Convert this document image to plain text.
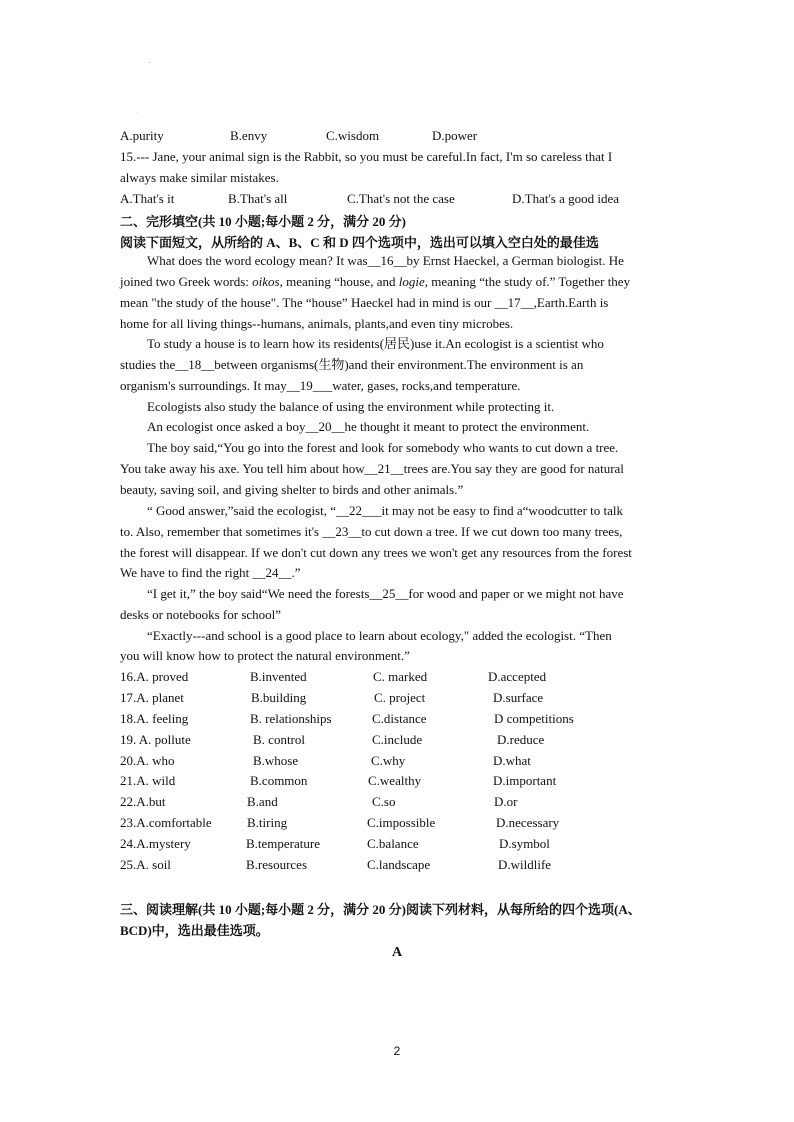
–
·
A.purity	B.envy	C.wisdom	D.power
15.--- Jane, your animal sign is the Rabbit, so you must be careful.In fact, I'm so careless that I
always make similar mistakes.
A.That's it	B.That's all	C.That's not the case	D.That's a good idea
二、完形填空(共 10 小题;每小题 2 分，满分 20 分)
阅读下面短文，从所给的 A、B、C 和 D 四个选项中，选出可以填入空白处的最佳选
What does the word ecology mean? It was__16__by Ernst Haeckel, a German biologist. He
joined two Greek words: oikos, meaning “house, and logie, meaning “the study of.” Together they
mean "the study of the house". The “house” Haeckel had in mind is our __17__,Earth.Earth is
home for all living things--humans, animals, plants,and even tiny microbes.
To study a house is to learn how its residents(居民)use it.An ecologist is a scientist who
studies the__18__between organisms(生物)and their environment.The environment is an
organism's surroundings. It may__19___water, gases, rocks,and temperature.
Ecologists also study the balance of using the environment while protecting it.
An ecologist once asked a boy__20__he thought it meant to protect the environment.
The boy said,“You go into the forest and look for somebody who wants to cut down a tree.
You take away his axe. You tell him about how__21__trees are.You say they are good for natural
beauty, saving soil, and giving shelter to birds and other animals.”
“ Good answer,”said the ecologist, “__22___it may not be easy to find a“woodcutter to talk
to. Also, remember that sometimes it's __23__to cut down a tree. If we cut down too many trees,
the forest will disappear. If we don't cut down any trees we won't get any resources from the forest
We have to find the right __24__.”
“I get it,” the boy said“We need the forests__25__for wood and paper or we might not have
desks or notebooks for school”
“Exactly---and school is a good place to learn about ecology," added the ecologist. “Then
you will know how to protect the natural environment.”
16.A. proved	B.invented	C. marked	D.accepted
17.A. planet	B.building	C. project	D.surface
18.A. feeling	B. relationships	C.distance	D competitions
19. A. pollute	B. control	C.include	D.reduce
20.A. who	B.whose	C.why	D.what
21.A. wild	B.common	C.wealthy	D.important
22.A.but	B.and	C.so	D.or
23.A.comfortable	B.tiring	C.impossible	D.necessary
24.A.mystery	B.temperature	C.balance	D.symbol
25.A. soil	B.resources	C.landscape	D.wildlife
三、阅读理解(共 10 小题;每小题 2 分，满分 20 分)阅读下列材料，从每所给的四个选项(A、
BCD)中，选出最佳选项。
A
2
